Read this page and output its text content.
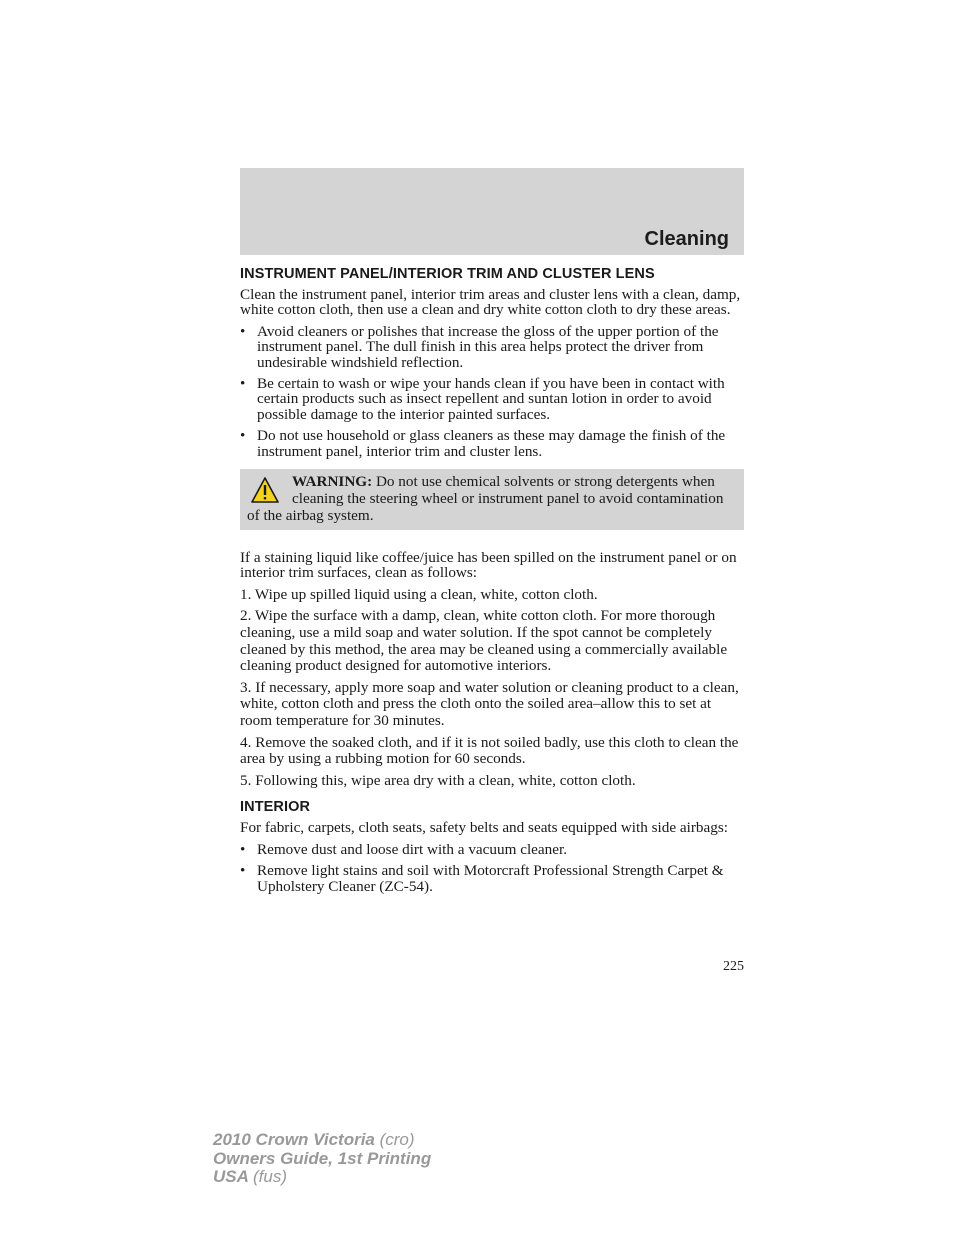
Cleaning
INSTRUMENT PANEL/INTERIOR TRIM AND CLUSTER LENS

Clean the instrument panel, interior trim areas and cluster lens with a clean, damp, white cotton cloth, then use a clean and dry white cotton cloth to dry these areas.

• Avoid cleaners or polishes that increase the gloss of the upper portion of the instrument panel. The dull finish in this area helps protect the driver from undesirable windshield reflection.
• Be certain to wash or wipe your hands clean if you have been in contact with certain products such as insect repellent and suntan lotion in order to avoid possible damage to the interior painted surfaces.
• Do not use household or glass cleaners as these may damage the finish of the instrument panel, interior trim and cluster lens.
WARNING: Do not use chemical solvents or strong detergents when cleaning the steering wheel or instrument panel to avoid contamination of the airbag system.

If a staining liquid like coffee/juice has been spilled on the instrument panel or on interior trim surfaces, clean as follows:

1. Wipe up spilled liquid using a clean, white, cotton cloth.

2. Wipe the surface with a damp, clean, white cotton cloth. For more thorough cleaning, use a mild soap and water solution. If the spot cannot be completely cleaned by this method, the area may be cleaned using a commercially available cleaning product designed for automotive interiors.

3. If necessary, apply more soap and water solution or cleaning product to a clean, white, cotton cloth and press the cloth onto the soiled area–allow this to set at room temperature for 30 minutes.

4. Remove the soaked cloth, and if it is not soiled badly, use this cloth to clean the area by using a rubbing motion for 60 seconds.

5. Following this, wipe area dry with a clean, white, cotton cloth.

INTERIOR

For fabric, carpets, cloth seats, safety belts and seats equipped with side airbags:

• Remove dust and loose dirt with a vacuum cleaner.
• Remove light stains and soil with Motorcraft Professional Strength Carpet & Upholstery Cleaner (ZC-54).
225
2010 Crown Victoria (cro)
Owners Guide, 1st Printing
USA (fus)
